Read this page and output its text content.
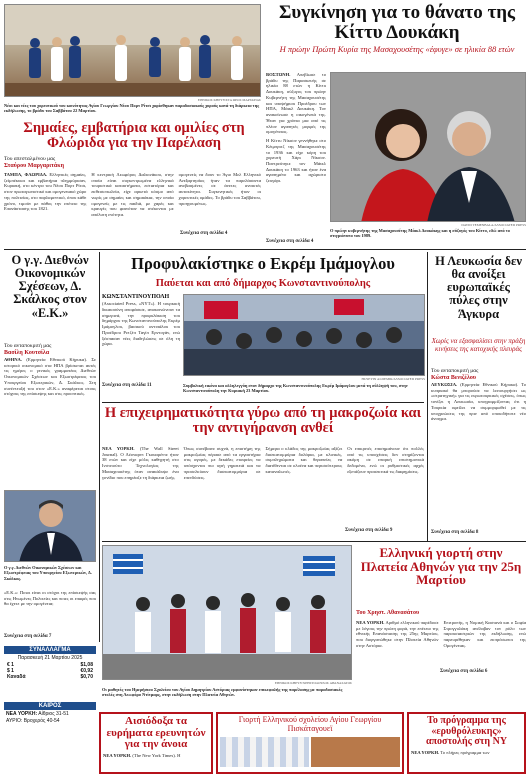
ΕΘΝΙΚΟΣ ΚΗΡΥΞ/ΣΤΑ ΦΡΟΣ ΜΑΡΓΑΡΙΑΣ
Νέοι και νέες του χορευτικού του κοινότητας Αγίου Γεωργίου Νέου Πορτ Ρίτσι χαρίσθηκαν παραδοσιακούς χορούς κατά τη διάρκεια της εκδήλωσης, το βράδυ του Σαββάτου 22 Μαρτίου.
Σημαίες, εμβατήρια και ομιλίες στη Φλώριδα για την Παρέλαση
Του απεσταλμένου μας
Σταύρου Μαργαριτάκη

ΤΑΜΠΑ, ΦΛΩΡΙΔΑ. Ελληνικές σημαίες, ζεϊμπέκικοι και εμβατήρια πλημμύρισαν, Κυριακή, στο κέντρο του Νέου Πορτ Ρίτσι, στον πρωταγωνιστικό και ομογενειακό χώρο της πολιτείας, στο παρλαμεντικό, όπου κάθε χρόνο, τιμούν με πάθος την επέτειο της Επανάστασης του 1821.

Η κεντρική Λεωφόρος Δαλκινάκου, στην οποία είναι συγκεντρωμένα ελληνικά τουριστικά καταστήματα, εστιατόρια και εκθεσιοπωλεία, είχε αρκετά κόσμο από νωρίς με σημαίες και σημαιάκια, την οποία ομογενείς με τις παιδιά, με χαρές και κραυγές που φαινόταν να στέκονται με απόλυτη ενότητα.

ομογενείς να δουν το Άγιο Μελ Ελληνικό Ανεξαρτησίας ήταν τα παρελάσαντα ανεβασμένες σε άνετες ανοικτές αυτοκίνητα. Συγκινητικές ήταν οι χορευτικές ομάδες. Το βράδυ του Σαββάτου, προηγουμένως.

Συνέχεια στη σελίδα 4
Συγκίνηση για το θάνατο της Κίττυ Δουκάκη
Η πρώην Πρώτη Κυρία της Μασαχουσέτης «έφυγε» σε ηλικία 88 ετών

ΒΟΣΤΩΝΗ. Απεβίωσε το βράδυ της Παρασκευής σε ηλικία 88 ετών η Κίττυ Δουκάκη, σύζυγος του πρώην Κυβερνήτη της Μασαχουσέτης και υποψήφιου Προέδρου των ΗΠΑ, Μάικλ Δουκάκη. Τον ανακοίνωσε η οικογένειά της. Ήταν για χρόνια μια από τις πλέον αγαπητές μορφές της ομογένειας.

Η Κίττυ Νίκσον γεννήθηκε στο Κέιμπριτζ της Μασαχουσέτης το 1936 και είχε κόρη του χορευτή Χάρι Νίκσον. Παντρεύτηκε τον Μάικλ Δουκάκη το 1963 και ήταν ένα αγαπημένο και αχώριστο ζευγάρι.

DAVID TEMENBALA/ASSOCIATED PRESS
Ο πρώην κυβερνήτης της Μασαχουσέτης Μάικλ Δουκάκης και η σύζυγός του Κίττυ, εδώ από το στιγμιότυπο του 1989.
Συνέχεια στη σελίδα 4
Ο γ.γ. Διεθνών Οικονομικών Σχέσεων, Δ. Σκάλκος στον «Ε.Κ.»
Του ανταποκριτή μας
Βασίλη Κουτσίλα

ΑΘΗΝΑ. (Ερμηνεία Εθνικού Κήρυκα). Σε ιστορικό οικονομικό στα ΗΠΑ βρίσκεται αυτές τις ημέρες ο γενικός γραμματέας Διεθνών Οικονομικών Σχέσεων και Εξωστρέφειας του Υπουργείου Εξωτερικών, Δ. Σκάλκος. Στη συνέντευξή του στον «Ε.Κ.» αναφέρεται στους στόχους της επίσκεψης και στις προοπτικές.

Ο γ.γ. Διεθνών Οικονομικών Σχέσεων και Εξωστρέφειας του Υπουργείου Εξωτερικών, Δ. Σκάλκος.

«Ε.Κ.»: Ποιοι είναι οι στόχοι της επίσκεψής σας στις Ηνωμένες Πολιτείες και ποιες οι επαφές που θα έχετε με την ομογένεια;

Συνέχεια στη σελίδα 7
Προφυλακίστηκε ο Εκρέμ Ιμάμογλου
Παύεται και από δήμαρχος Κωνσταντινούπολης
ΚΩΝΣΤΑΝΤΙΝΟΥΠΟΛΗ

(Associated Press, «ΝΥΤ»). Η τουρκική δικαιοσύνη αποφάσισε, ανακοινώνουν τα σημερινά, την προφυλάκιση του δημάρχου της Κωνσταντινούπολης Εκρέμ Ιμάμογλου, βασικού αντιπάλου του Προέδρου Ρετζέπ Ταγίπ Ερντογάν, ενώ ξέσπασαν νέες διαδηλώσεις σε όλη τη χώρα.

HUSEYIN ALDEMIR/ASSOCIATED PRESS
Συμβολική εικόνα και αλληλεγγύη στον δήμαρχο της Κωνσταντινούπολης Εκρέμ Ιμάμογλου μετά τη σύλληψή του, στην Κωνσταντινούπολη την Κυριακή 23 Μαρτίου.
Συνέχεια στη σελίδα 11
Η Λευκωσία δεν θα ανοίξει ευρωπαϊκές πύλες στην Άγκυρα
Χωρίς να εξασφαλίσει στην πράξη κινήσεις της κατοχικής πλευράς
Του ανταποκριτή μας
Κώστα Βενιζέλου

ΛΕΥΚΩΣΙΑ. (Ερμηνεία Εθνικού Κήρυκα). Το κυπριακό θα μπορούσε να λειτουργήσει ως «στρατηγική» για τις ευρωτουρκικές σχέσεις, όπως τονίζει η Λευκωσία, υπογραμμίζοντας ότι η Τουρκία οφείλει να συμμορφωθεί με τις υποχρεώσεις της πριν από οποιοδήποτε νέο άνοιγμα.

Συνέχεια στη σελίδα 8
Η επιχειρηματικότητα γύρω από τη μακροζωία και την αντιγήρανση ανθεί

ΝΕΑ ΥΟΡΚΗ. (The Wall Street Journal). Ο Λέοναρντ Γκουαρέντε ήταν 38 ετών και είχε μόλις καθηγητή στο Ινστιτούτο Τεχνολογίας της Μασαχουσέτης όταν ανακάλυψε ένα γονίδιο που επηρέαζε τη διάρκεια ζωής.

Όπως συνέβαινε συχνά, η επιστήμη της μακροζωίας πέρασε από τα εργαστήρια στις αγορές, με δεκάδες εταιρείες να υπόσχονται πιο υγιή γηρατειά και να προσελκύουν δισεκατομμύρια σε επενδύσεις.

Σήμερα ο κλάδος της μακροζωίας αξίζει δισεκατομμύρια δολάρια, με κλινικές, συμπληρώματα και θεραπείες να διατίθενται σε ολοένα και περισσότερους καταναλωτές.

Οι επικριτές επισημαίνουν ότι πολλές από τις υποσχέσεις δεν στηρίζονται ακόμη σε επαρκή επιστημονικά δεδομένα, ενώ οι ρυθμιστικές αρχές εξετάζουν προσεκτικά τις διαφημίσεις.

Συνέχεια στη σελίδα 9
Ελληνική γιορτή στην Πλατεία Αθηνών για την 25η Μαρτίου
Του Χρηστ. Αθανασάτου

ΝΕΑ ΥΟΡΚΗ. Αριθμό ελληνικού παρέδοσε με λόγους την πρώτη φορά, την επέτειο της εθνικής Επανάστασης της 25ης Μαρτίου, που διοργανώθηκε στην Πλατεία Αθηνών στην Αστόρια.

Επιτροπής, η Νομική Καστανά και ο Σοφία Στρογγυλάκη ανέλαβαν τον ρόλο των παρουσιαστριών της εκδήλωσης, ενώ παρευρέθηκαν και εκπρόσωποι της Ομογένειας.

Συνέχεια στη σελίδα 6
ΕΘΝΙΚΟΣ ΚΗΡΥΞ/ΧΡΗΣΤΟΔΟΥΛΟΣ ΑΘΑΝΑΣΑΤΟΣ
Οι μαθητές του Ημερήσιου Σχολείου του Αγίου Δημητρίου Αστόριας εμφανίστηκαν επικεφαλής της παρέλασης με παραδοσιακές στολές στη Λεωφόρο Ντίτμαρς, στην εκδήλωση στην Πλατεία Αθηνών.
ΣΥΝΑΛΛΑΓΜΑ
Παρασκευή 21 Μαρτίου 2025
€ 1	$1,08
$ 1	€0,92
Καναδά	$0,70
ΚΑΙΡΟΣ
ΝΕΑ ΥΟΡΚΗ: Αίθριος 31-51
ΑΥΡΙΟ: Βροχερός 40-54	Αισιόδοξα τα ευρήματα ερευνητών για την άνοια

ΝΕΑ ΥΟΡΚΗ. (The New York Times). Η

Γιορτή Ελληνικού σχολείου Αγίου Γεωργίου Πισκάταγουεϊ
Το πρόγραμμα της «ερυθρόλευκης» αποστολής στη ΝΥ

ΝΕΑ ΥΟΡΚΗ. Το πλήρες πρόγραμμα των
